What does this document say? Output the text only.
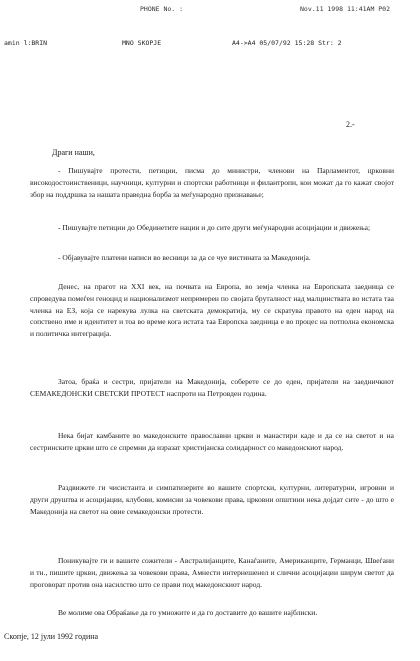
PHONE No. :	Nov.11 1998 11:41AM P02
amin l:BRIN	MNO SKOPJE	A4->A4 05/07/92 15:28 Str: 2
2.-
Драги наши,

- Пишувајте протести, петиции, писма до министри, членови на Парламентот, црковни високодостоинственици, научници, културни и спортски работници и филантропи, кои можат да го кажат својот збор на поддршка за нашата праведна борба за меѓународно признавање;

- Пишувајте петиции до Обединетите нации и до сите други меѓународни асоцијации и движења;

- Објавувајте платени написи во весници за да се чуе вистината за Македонија.

Денес, на прагот на XXI век, на почвата на Европа, во земја членка на Европската заедница се спроведува помеѓен геноцид и национализмот непримерен по својата бруталност над малцинствата во истата таа членка на ЕЗ, која се нарекува лулка на светската демократија, му се скратува правото на еден народ на сопствено име и идентитет и тоа во време кога истата таа Европска заедница е во процес на потполна економска и политичка интеграција.

Затоа, браќа и сестри, пријатели на Македонија, соберете се до еден, пријатели на заедничкиот СЕМАКЕДОНСКИ СВЕТСКИ ПРОТЕСТ наспроти на Петровден година.

Нека бијат камбаните во македонските православни цркви и манастири каде и да се на светот и на сестринските цркви што се спремни да изразат христијанска солидарност со македонскиот народ.

Раздвижете ги чисистанта и симпатизерите во вашите спортски, културни, литературни, игровни и други друштва и асоцијации, клубови, комисии за човекови права, црковни општини нека дојдат сите - до што е Македонија на светот на овие семакедонски протести.

Поникувајте ги и вашите сожители - Австралијанците, Канаѓаните, Американците, Германци, Швеѓани и тн., пишите цркви, движења за човекови права, Амнести интернешенел и слични асоцијации ширум светот да проговорат против она насилство што се прави под македонскиот народ.

Ве молиме ова Обраќање да го умножите и да го доставите до вашите најблиски.

Скопје, 12 јули 1992 година
